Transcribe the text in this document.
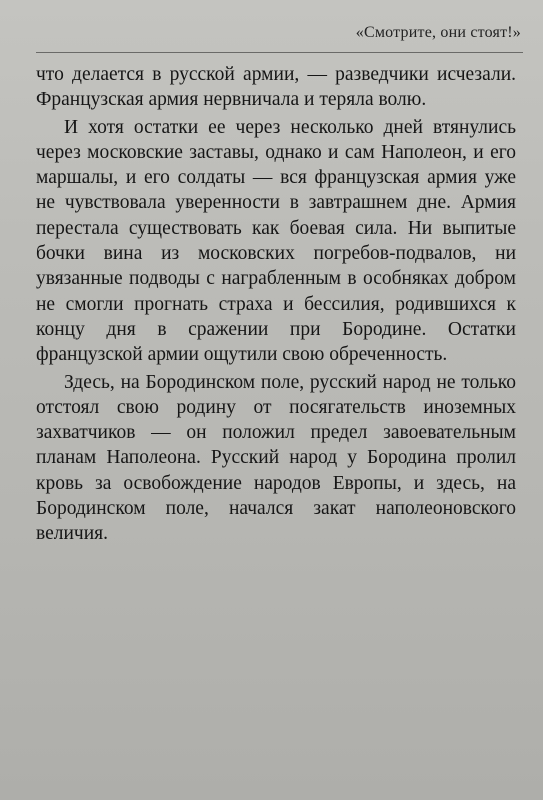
«Смотрите, они стоят!»

что делается в русской армии, — разведчики исчезали. Французская армия нервничала и теряла волю.

И хотя остатки ее через несколько дней втянулись через московские заставы, однако и сам Наполеон, и его маршалы, и его солдаты — вся французская армия уже не чувствовала уверенности в завтрашнем дне. Армия перестала существовать как боевая сила. Ни выпитые бочки вина из московских погребов-подвалов, ни увязанные подводы с награбленным в особняках добром не смогли прогнать страха и бессилия, родившихся к концу дня в сражении при Бородине. Остатки французской армии ощутили свою обреченность.

Здесь, на Бородинском поле, русский народ не только отстоял свою родину от посягательств иноземных захватчиков — он положил предел завоевательным планам Наполеона. Русский народ у Бородина пролил кровь за освобождение народов Европы, и здесь, на Бородинском поле, начался закат наполеоновского величия.
